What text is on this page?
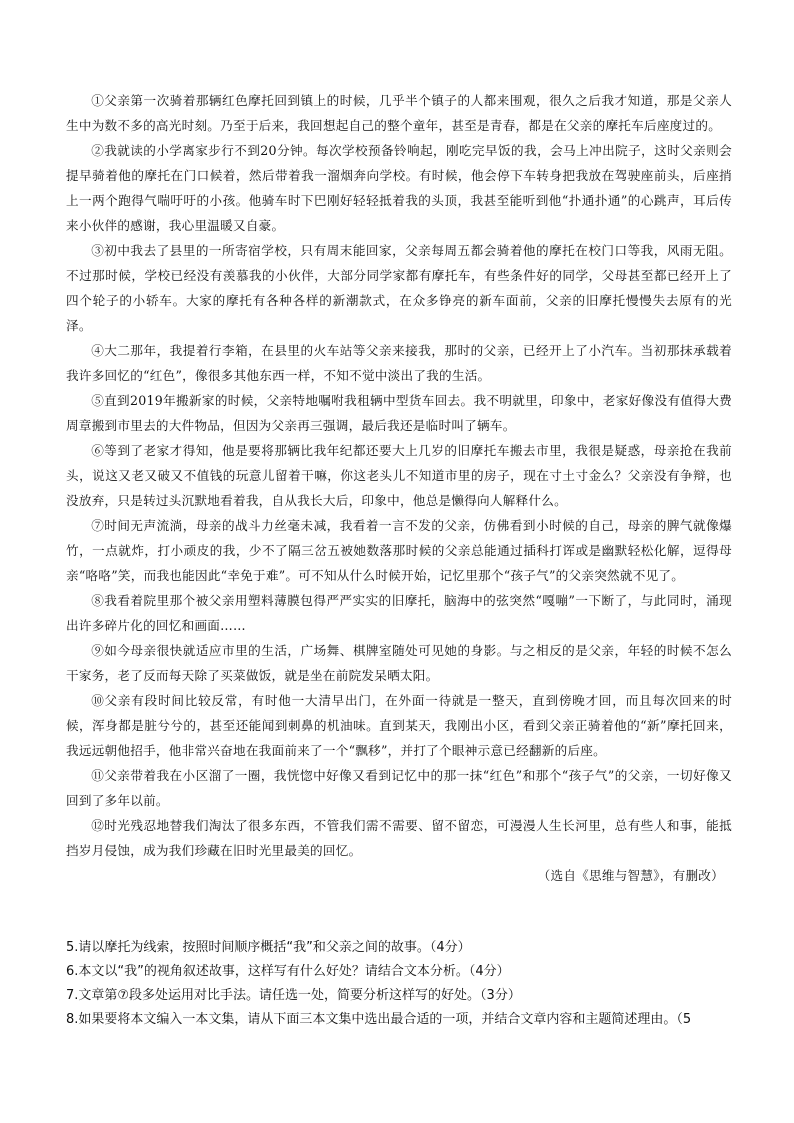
①父亲第一次骑着那辆红色摩托回到镇上的时候，几乎半个镇子的人都来围观，很久之后我才知道，那是父亲人生中为数不多的高光时刻。乃至于后来，我回想起自己的整个童年，甚至是青春，都是在父亲的摩托车后座度过的。

②我就读的小学离家步行不到20分钟。每次学校预备铃响起，刚吃完早饭的我，会马上冲出院子，这时父亲则会提早骑着他的摩托在门口候着，然后带着我一溜烟奔向学校。有时候，他会停下车转身把我放在驾驶座前头，后座捎上一两个跑得气喘吁吁的小孩。他骑车时下巴刚好轻轻抵着我的头顶，我甚至能听到他“扑通扑通”的心跳声，耳后传来小伙伴的感谢，我心里温暖又自豪。

③初中我去了县里的一所寄宿学校，只有周末能回家，父亲每周五都会骑着他的摩托在校门口等我，风雨无阻。不过那时候，学校已经没有羡慕我的小伙伴，大部分同学家都有摩托车，有些条件好的同学，父母甚至都已经开上了四个轮子的小轿车。大家的摩托有各种各样的新潮款式，在众多铮亮的新车面前，父亲的旧摩托慢慢失去原有的光泽。

④大二那年，我提着行李箱，在县里的火车站等父亲来接我，那时的父亲，已经开上了小汽车。当初那抹承载着我许多回忆的“红色”，像很多其他东西一样，不知不觉中淡出了我的生活。

⑤直到2019年搬新家的时候，父亲特地嘱咐我租辆中型货车回去。我不明就里，印象中，老家好像没有值得大费周章搬到市里去的大件物品，但因为父亲再三强调，最后我还是临时叫了辆车。

⑥等到了老家才得知，他是要将那辆比我年纪都还要大上几岁的旧摩托车搬去市里，我很是疑惑，母亲抢在我前头，说这又老又破又不值钱的玩意儿留着干嘛，你这老头儿不知道市里的房子，现在寸土寸金么？父亲没有争辩，也没放弃，只是转过头沉默地看着我，自从我长大后，印象中，他总是懒得向人解释什么。

⑦时间无声流淌，母亲的战斗力丝毫未减，我看着一言不发的父亲，仿佛看到小时候的自己，母亲的脾气就像爆竹，一点就炸，打小顽皮的我，少不了隔三岔五被她数落那时候的父亲总能通过插科打诨或是幽默轻松化解，逗得母亲“咯咯”笑，而我也能因此“幸免于难”。可不知从什么时候开始，记忆里那个“孩子气”的父亲突然就不见了。

⑧我看着院里那个被父亲用塑料薄膜包得严严实实的旧摩托，脑海中的弦突然“嘎嘣”一下断了，与此同时，涌现出许多碎片化的回忆和画面……

⑨如今母亲很快就适应市里的生活，广场舞、棋牌室随处可见她的身影。与之相反的是父亲，年轻的时候不怎么干家务，老了反而每天除了买菜做饭，就是坐在前院发呆晒太阳。

⑩父亲有段时间比较反常，有时他一大清早出门，在外面一待就是一整天，直到傍晚才回，而且每次回来的时候，浑身都是脏兮兮的，甚至还能闻到刺鼻的机油味。直到某天，我刚出小区，看到父亲正骑着他的“新”摩托回来，我远远朝他招手，他非常兴奋地在我面前来了一个“飘移”，并打了个眼神示意已经翻新的后座。

⑪父亲带着我在小区溜了一圈，我恍惚中好像又看到记忆中的那一抹“红色”和那个“孩子气”的父亲，一切好像又回到了多年以前。

⑫时光残忍地替我们淘汰了很多东西，不管我们需不需要、留不留恋，可漫漫人生长河里，总有些人和事，能抵挡岁月侵蚀，成为我们珍藏在旧时光里最美的回忆。

（选自《思维与智慧》，有删改）

5.请以摩托为线索，按照时间顺序概括“我”和父亲之间的故事。（4分）

6.本文以“我”的视角叙述故事，这样写有什么好处？请结合文本分析。（4分）

7.文章第⑦段多处运用对比手法。请任选一处，简要分析这样写的好处。（3分）

8.如果要将本文编入一本文集，请从下面三本文集中选出最合适的一项，并结合文章内容和主题简述理由。（5
